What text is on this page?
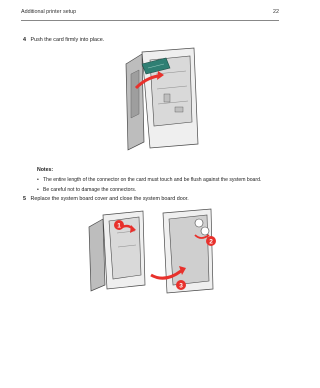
Additional printer setup	22
4 Push the card firmly into place.
Notes:
• The entire length of the connector on the card must touch and be flush against the system board.
• Be careful not to damage the connectors.
5 Replace the system board cover and close the system board door.
1
2
3
